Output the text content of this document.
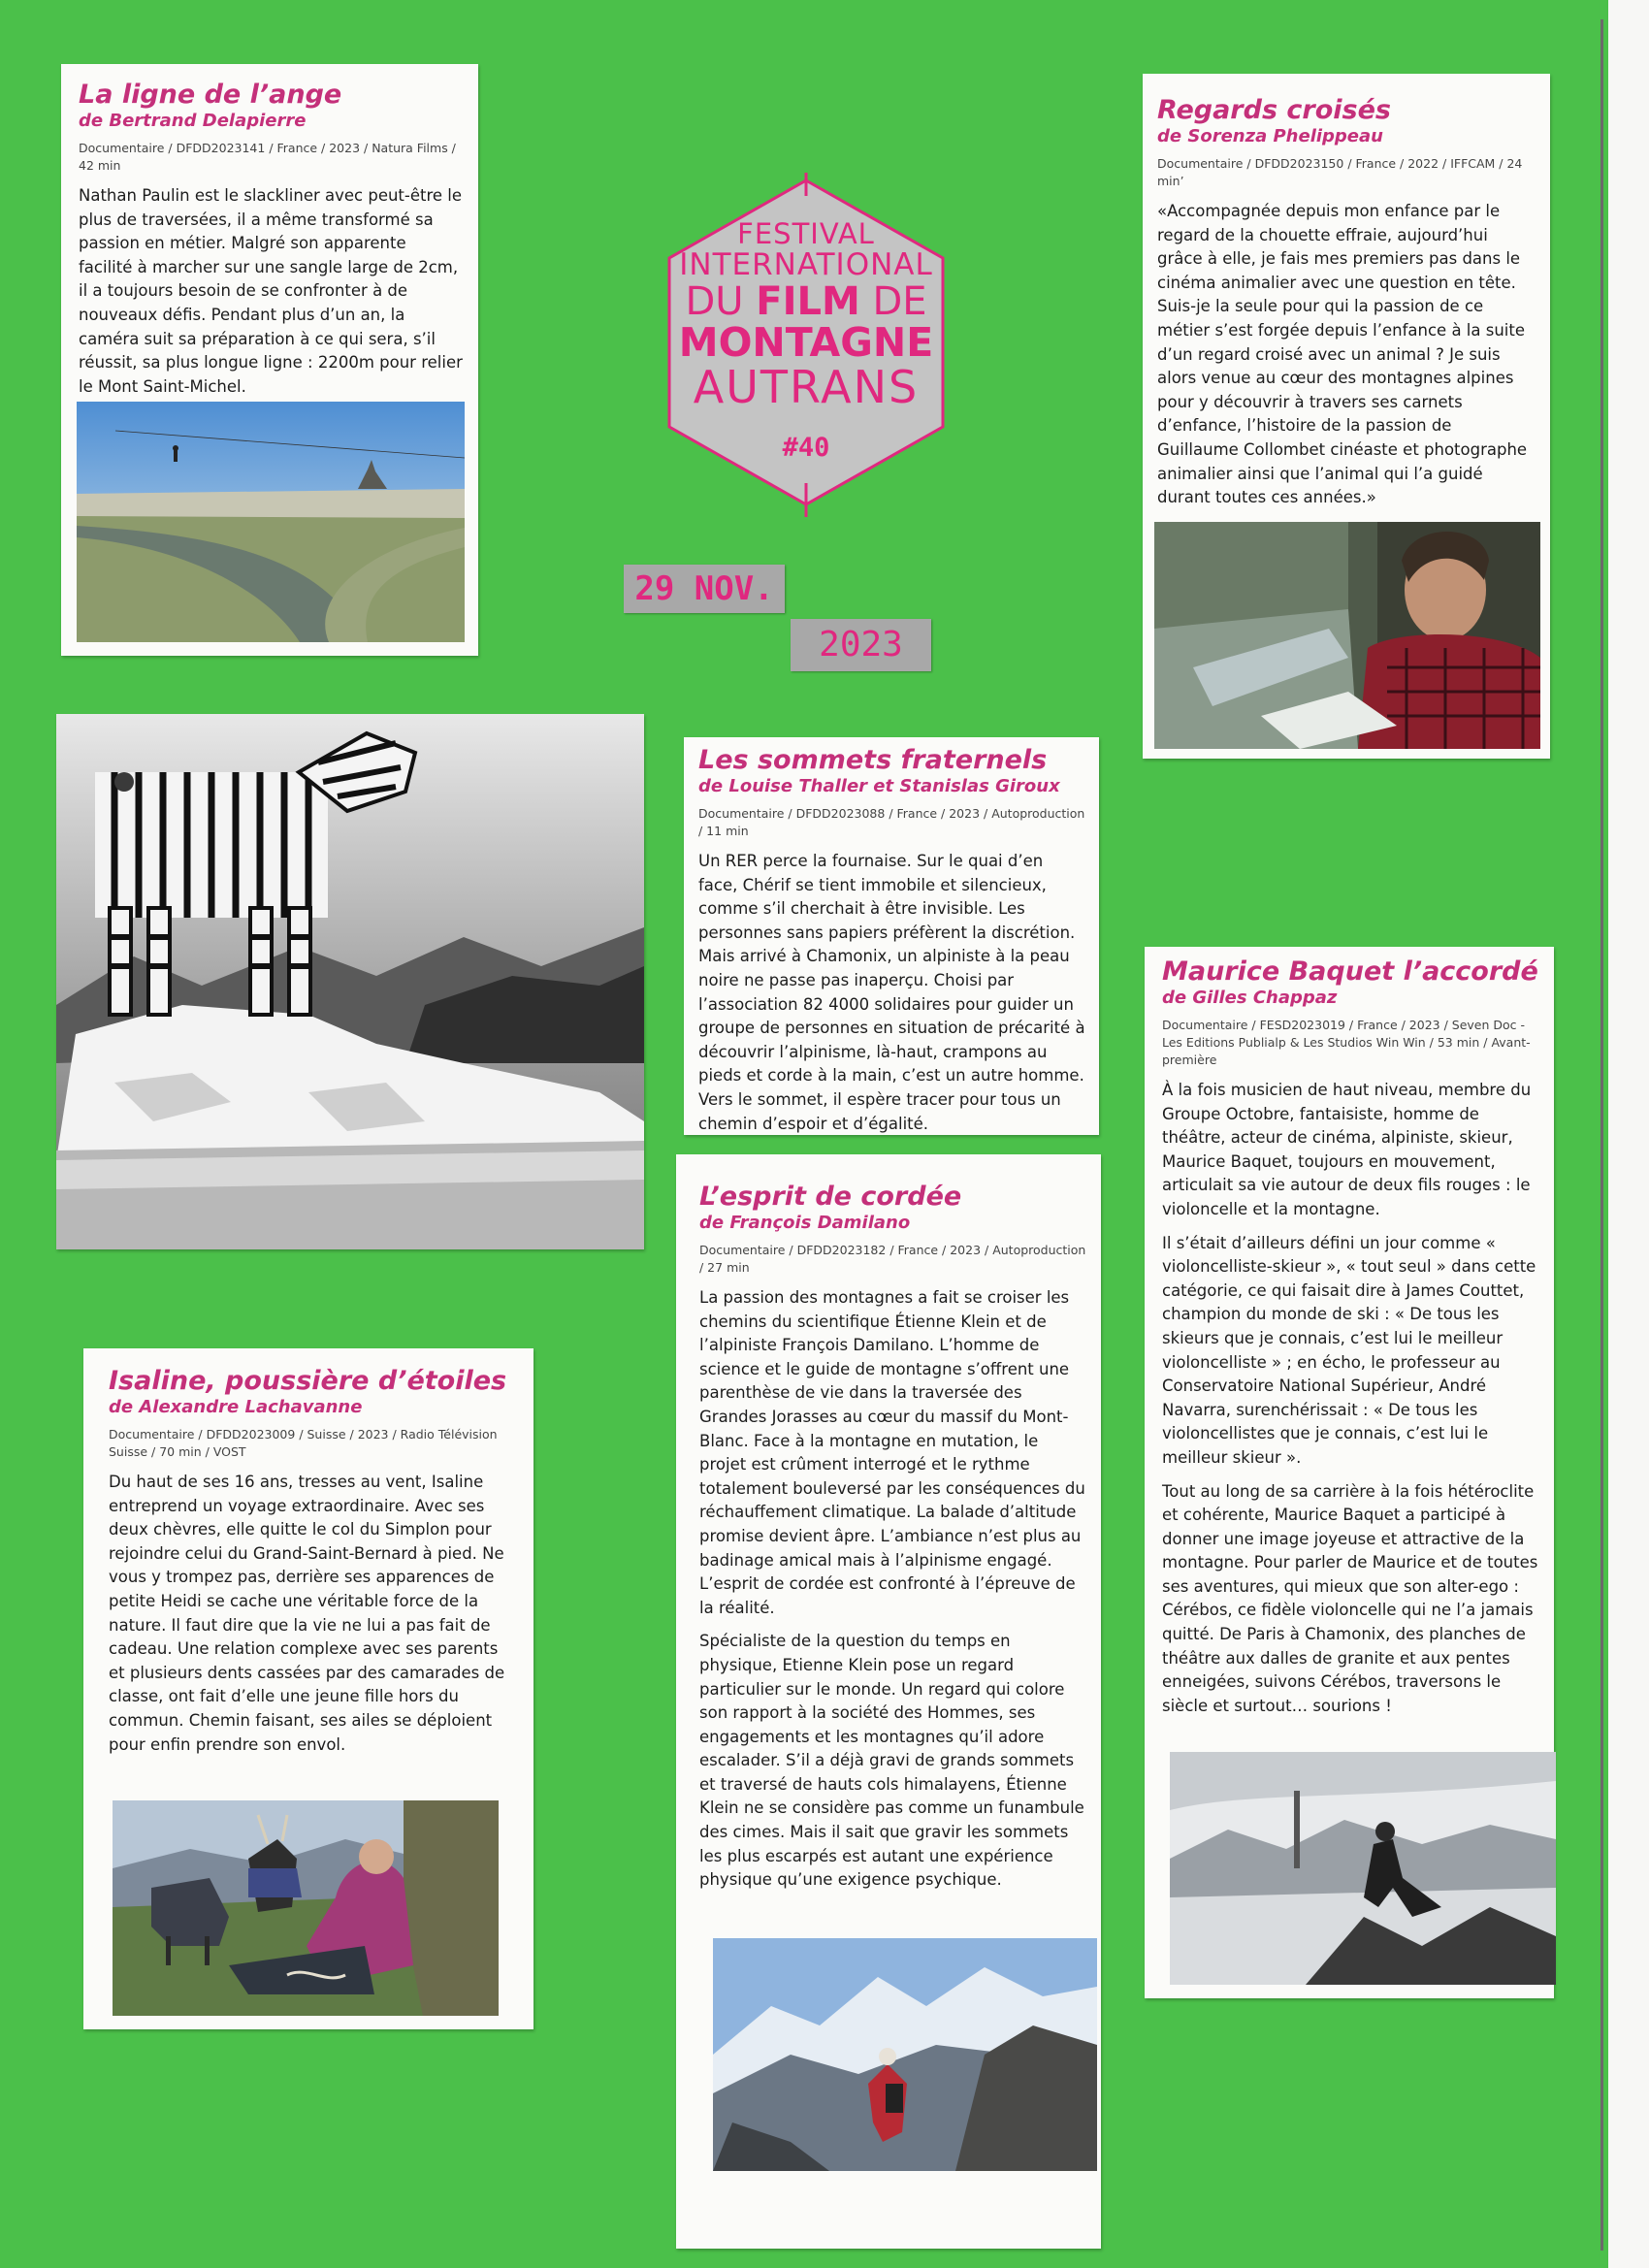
La ligne de l’ange
de Bertrand Delapierre
Documentaire / DFDD2023141 / France / 2023 / Natura Films / 42 min

Nathan Paulin est le slackliner avec peut-être le plus de traversées, il a même transformé sa passion en métier. Malgré son apparente facilité à marcher sur une sangle large de 2cm, il a toujours besoin de se confronter à de nouveaux défis. Pendant plus d’un an, la caméra suit sa préparation à ce qui sera, s’il réussit, sa plus longue ligne : 2200m pour relier le Mont Saint-Michel.

FESTIVAL
INTERNATIONAL
DU FILM DE
MONTAGNE
AUTRANS
#40
29 NOV.
2023
Regards croisés
de Sorenza Phelippeau
Documentaire / DFDD2023150 / France / 2022 / IFFCAM / 24 min’

«Accompagnée depuis mon enfance par le regard de la chouette effraie, aujourd’hui grâce à elle, je fais mes premiers pas dans le cinéma animalier avec une question en tête. Suis-je la seule pour qui la passion de ce métier s’est forgée depuis l’enfance à la suite d’un regard croisé avec un animal ? Je suis alors venue au cœur des montagnes alpines pour y découvrir à travers ses carnets d’enfance, l’histoire de la passion de Guillaume Collombet cinéaste et photographe animalier ainsi que l’animal qui l’a guidé durant toutes ces années.»

Les sommets fraternels
de Louise Thaller et Stanislas Giroux
Documentaire / DFDD2023088 / France / 2023 / Autoproduction / 11 min

Un RER perce la fournaise. Sur le quai d’en face, Chérif se tient immobile et silencieux, comme s’il cherchait à être invisible. Les personnes sans papiers préfèrent la discrétion. Mais arrivé à Chamonix, un alpiniste à la peau noire ne passe pas inaperçu. Choisi par l’association 82 4000 solidaires pour guider un groupe de personnes en situation de précarité à découvrir l’alpinisme, là-haut, crampons au pieds et corde à la main, c’est un autre homme. Vers le sommet, il espère tracer pour tous un chemin d’espoir et d’égalité.

Maurice Baquet l’accordé
de Gilles Chappaz
Documentaire / FESD2023019 / France / 2023 / Seven Doc - Les Editions Publialp & Les Studios Win Win / 53 min / Avant-première

À la fois musicien de haut niveau, membre du Groupe Octobre, fantaisiste, homme de théâtre, acteur de cinéma, alpiniste, skieur, Maurice Baquet, toujours en mouvement, articulait sa vie autour de deux fils rouges : le violoncelle et la montagne.

Il s’était d’ailleurs défini un jour comme « violoncelliste-skieur », « tout seul » dans cette catégorie, ce qui faisait dire à James Couttet, champion du monde de ski : « De tous les skieurs que je connais, c’est lui le meilleur violoncelliste » ; en écho, le professeur au Conservatoire National Supérieur, André Navarra, surenchérissait : « De tous les violoncellistes que je connais, c’est lui le meilleur skieur ».

Tout au long de sa carrière à la fois hétéroclite et cohérente, Maurice Baquet a participé à donner une image joyeuse et attractive de la montagne. Pour parler de Maurice et de toutes ses aventures, qui mieux que son alter-ego : Cérébos, ce fidèle violoncelle qui ne l’a jamais quitté. De Paris à Chamonix, des planches de théâtre aux dalles de granite et aux pentes enneigées, suivons Cérébos, traversons le siècle et surtout… sourions !

L’esprit de cordée
de François Damilano
Documentaire / DFDD2023182 / France / 2023 / Autoproduction / 27 min

La passion des montagnes a fait se croiser les chemins du scientifique Étienne Klein et de l’alpiniste François Damilano. L’homme de science et le guide de montagne s’offrent une parenthèse de vie dans la traversée des Grandes Jorasses au cœur du massif du Mont-Blanc. Face à la montagne en mutation, le projet est crûment interrogé et le rythme totalement bouleversé par les conséquences du réchauffement climatique. La balade d’altitude promise devient âpre. L’ambiance n’est plus au badinage amical mais à l’alpinisme engagé. L’esprit de cordée est confronté à l’épreuve de la réalité.

Spécialiste de la question du temps en physique, Etienne Klein pose un regard particulier sur le monde. Un regard qui colore son rapport à la société des Hommes, ses engagements et les montagnes qu’il adore escalader. S’il a déjà gravi de grands sommets et traversé de hauts cols himalayens, Étienne Klein ne se considère pas comme un funambule des cimes. Mais il sait que gravir les sommets les plus escarpés est autant une expérience physique qu’une exigence psychique.

Isaline, poussière d’étoiles
de Alexandre Lachavanne
Documentaire / DFDD2023009 / Suisse / 2023 / Radio Télévision Suisse / 70 min / VOST

Du haut de ses 16 ans, tresses au vent, Isaline entreprend un voyage extraordinaire. Avec ses deux chèvres, elle quitte le col du Simplon pour rejoindre celui du Grand-Saint-Bernard à pied. Ne vous y trompez pas, derrière ses apparences de petite Heidi se cache une véritable force de la nature. Il faut dire que la vie ne lui a pas fait de cadeau. Une relation complexe avec ses parents et plusieurs dents cassées par des camarades de classe, ont fait d’elle une jeune fille hors du commun. Chemin faisant, ses ailes se déploient pour enfin prendre son envol.
